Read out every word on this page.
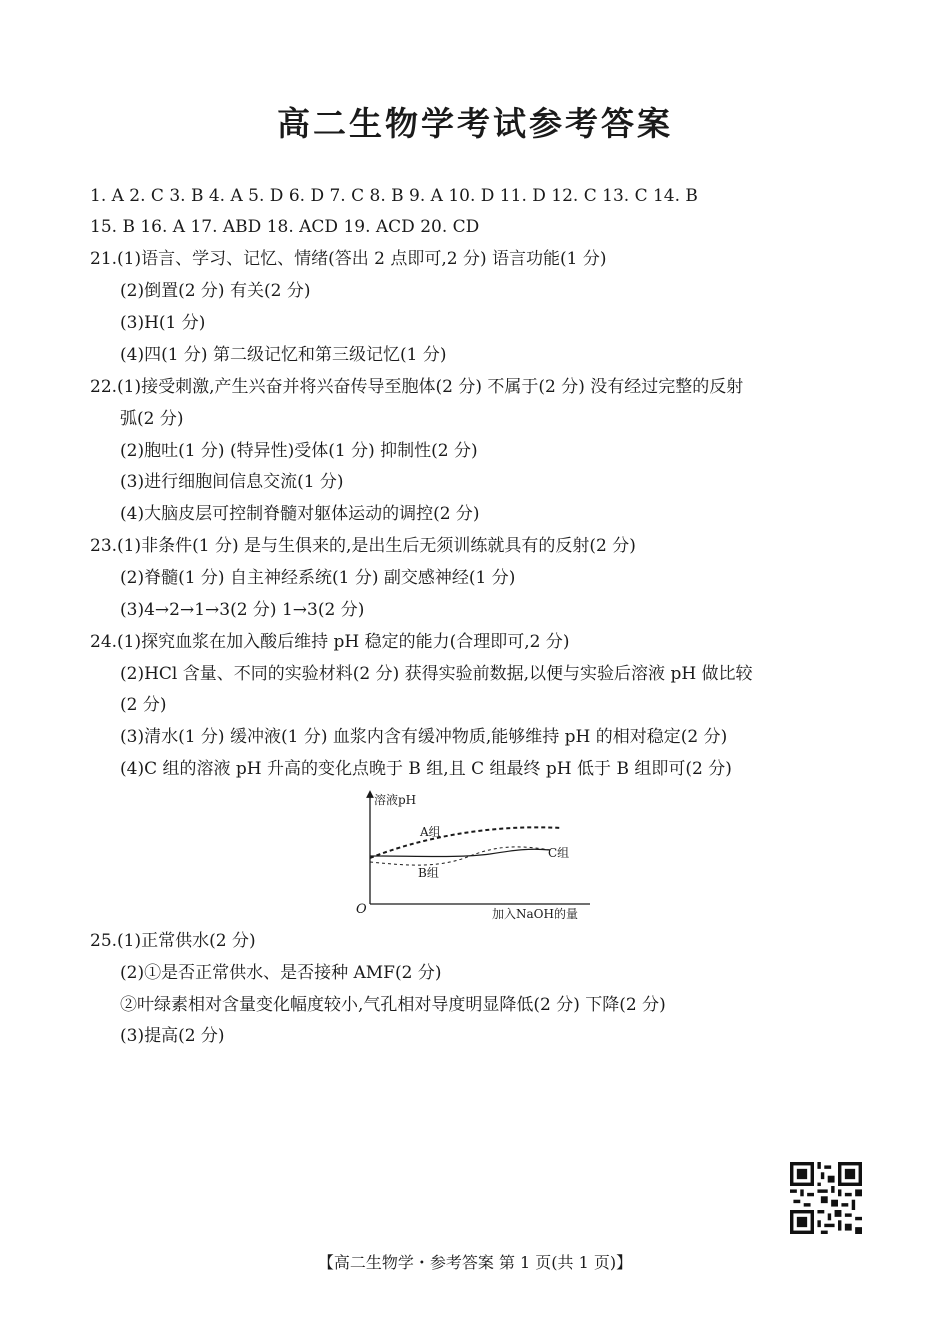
高二生物学考试参考答案
1. A 2. C 3. B 4. A 5. D 6. D 7. C 8. B 9. A 10. D 11. D 12. C 13. C 14. B
15. B 16. A 17. ABD 18. ACD 19. ACD 20. CD
21.(1)语言、学习、记忆、情绪(答出 2 点即可,2 分) 语言功能(1 分)
(2)倒置(2 分) 有关(2 分)
(3)H(1 分)
(4)四(1 分) 第二级记忆和第三级记忆(1 分)
22.(1)接受刺激,产生兴奋并将兴奋传导至胞体(2 分) 不属于(2 分) 没有经过完整的反射
弧(2 分)
(2)胞吐(1 分) (特异性)受体(1 分) 抑制性(2 分)
(3)进行细胞间信息交流(1 分)
(4)大脑皮层可控制脊髓对躯体运动的调控(2 分)
23.(1)非条件(1 分) 是与生俱来的,是出生后无须训练就具有的反射(2 分)
(2)脊髓(1 分) 自主神经系统(1 分) 副交感神经(1 分)
(3)4→2→1→3(2 分) 1→3(2 分)
24.(1)探究血浆在加入酸后维持 pH 稳定的能力(合理即可,2 分)
(2)HCl 含量、不同的实验材料(2 分) 获得实验前数据,以便与实验后溶液 pH 做比较
(2 分)
(3)清水(1 分) 缓冲液(1 分) 血浆内含有缓冲物质,能够维持 pH 的相对稳定(2 分)
(4)C 组的溶液 pH 升高的变化点晚于 B 组,且 C 组最终 pH 低于 B 组即可(2 分)
溶液pH
A组
B组
C组
O	加入NaOH的量
25.(1)正常供水(2 分)
(2)①是否正常供水、是否接种 AMF(2 分)
②叶绿素相对含量变化幅度较小,气孔相对导度明显降低(2 分) 下降(2 分)
(3)提高(2 分)
【高二生物学・参考答案 第 1 页(共 1 页)】
